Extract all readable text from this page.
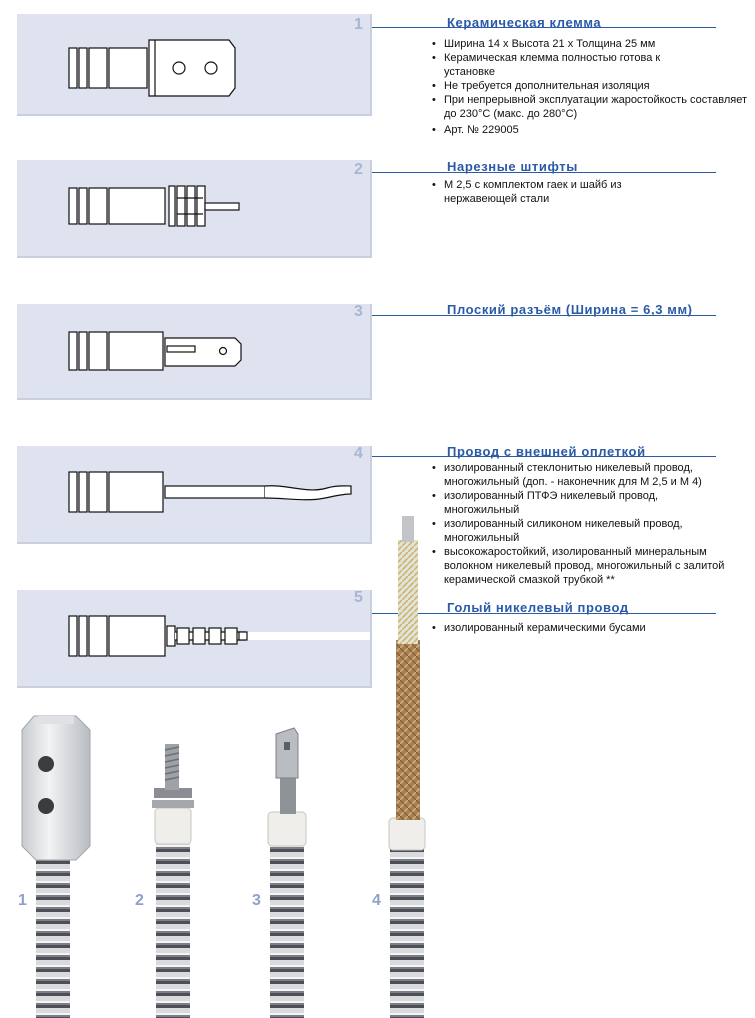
1	Керамическая клемма
• Ширина 14 х Высота 21 х Толщина 25 мм
• Керамическая клемма полностью готова к установке
• Не требуется дополнительная изоляция
• При непрерывной эксплуатации жаростойкость составляет до 230°C (макс. до 280°C)
• Арт. № 229005
2	Нарезные штифты
• М 2,5 с комплектом гаек и шайб из нержавеющей стали
3	Плоский разъём (Ширина = 6,3 мм)
4	Провод с внешней оплеткой
• изолированный стеклонитью никелевый провод, многожильный (доп. - наконечник для М 2,5 и М 4)
• изолированный ПТФЭ никелевый провод, многожильный
• изолированный силиконом никелевый провод, многожильный
• высокожаростойкий, изолированный минеральным волокном никелевый провод, многожильный с залитой керамической смазкой трубкой **
5
Голый никелевый провод
• изолированный керамическими бусами
1	2	3	4
